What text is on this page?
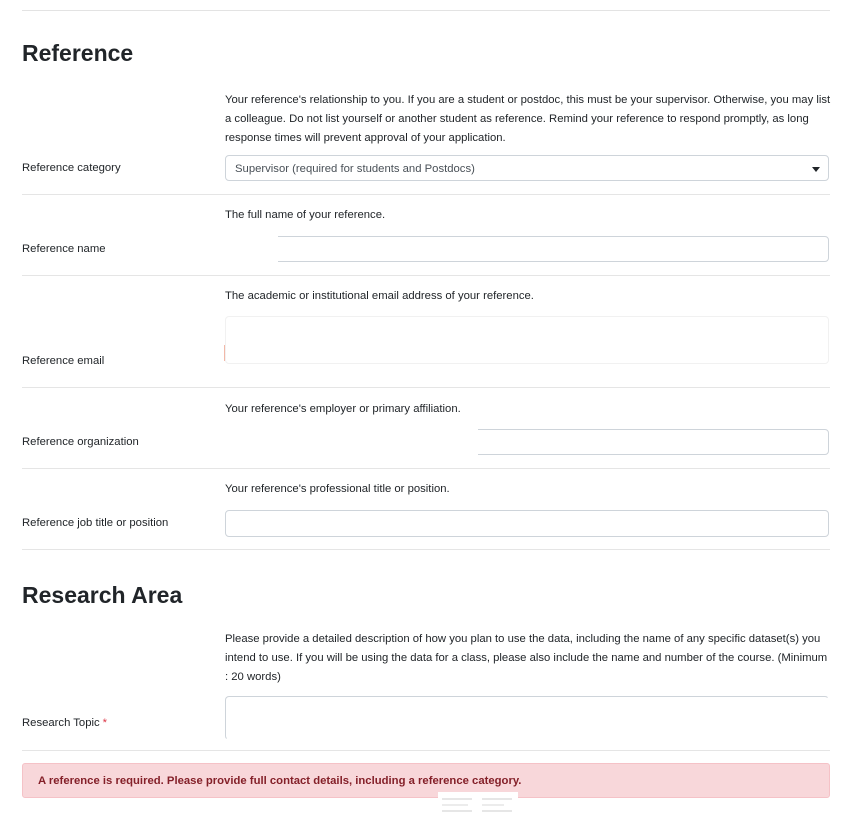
Reference
Your reference's relationship to you. If you are a student or postdoc, this must be your supervisor. Otherwise, you may list a colleague. Do not list yourself or another student as reference. Remind your reference to respond promptly, as long response times will prevent approval of your application.
Reference category	Supervisor (required for students and Postdocs)
The full name of your reference.
Reference name
The academic or institutional email address of your reference.
Reference email
Your reference's employer or primary affiliation.
Reference organization
Your reference's professional title or position.
Reference job title or position
Research Area
Please provide a detailed description of how you plan to use the data, including the name of any specific dataset(s) you intend to use. If you will be using the data for a class, please also include the name and number of the course. (Minimum : 20 words)
Research Topic *
A reference is required. Please provide full contact details, including a reference category.
